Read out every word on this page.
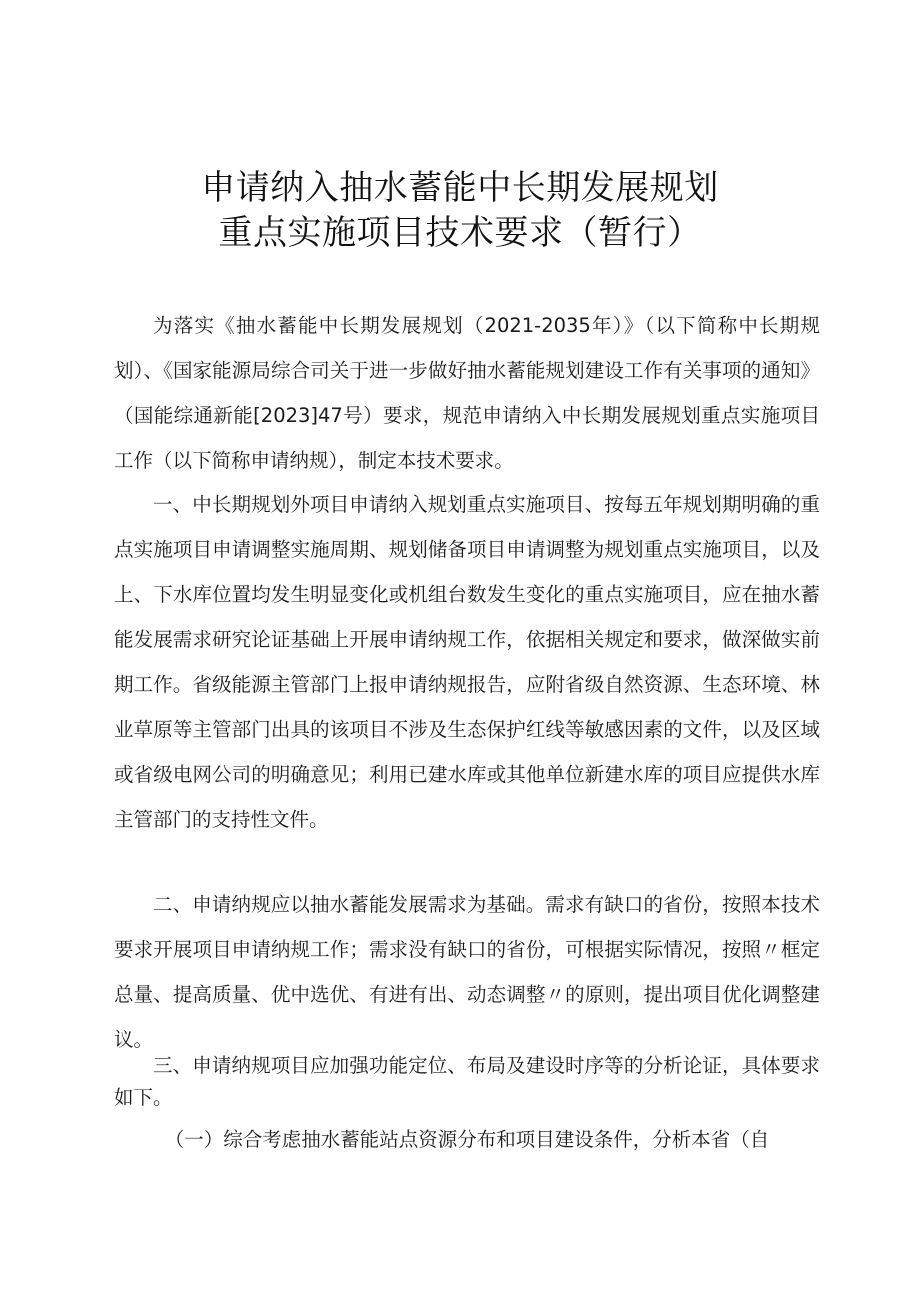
申请纳入抽水蓄能中长期发展规划
重点实施项目技术要求（暂行）

为落实《抽水蓄能中长期发展规划（2021-2035年）》（以下简称中长期规划）、《国家能源局综合司关于进一步做好抽水蓄能规划建设工作有关事项的通知》（国能综通新能[2023]47号）要求，规范申请纳入中长期发展规划重点实施项目工作（以下简称申请纳规），制定本技术要求。

一、中长期规划外项目申请纳入规划重点实施项目、按每五年规划期明确的重点实施项目申请调整实施周期、规划储备项目申请调整为规划重点实施项目，以及上、下水库位置均发生明显变化或机组台数发生变化的重点实施项目，应在抽水蓄能发展需求研究论证基础上开展申请纳规工作，依据相关规定和要求，做深做实前期工作。省级能源主管部门上报申请纳规报告，应附省级自然资源、生态环境、林业草原等主管部门出具的该项目不涉及生态保护红线等敏感因素的文件，以及区域或省级电网公司的明确意见；利用已建水库或其他单位新建水库的项目应提供水库主管部门的支持性文件。

二、申请纳规应以抽水蓄能发展需求为基础。需求有缺口的省份，按照本技术要求开展项目申请纳规工作；需求没有缺口的省份，可根据实际情况，按照〃框定总量、提高质量、优中选优、有进有出、动态调整〃的原则，提出项目优化调整建议。

三、申请纳规项目应加强功能定位、布局及建设时序等的分析论证，具体要求如下。

（一）综合考虑抽水蓄能站点资源分布和项目建设条件，分析本省（自
